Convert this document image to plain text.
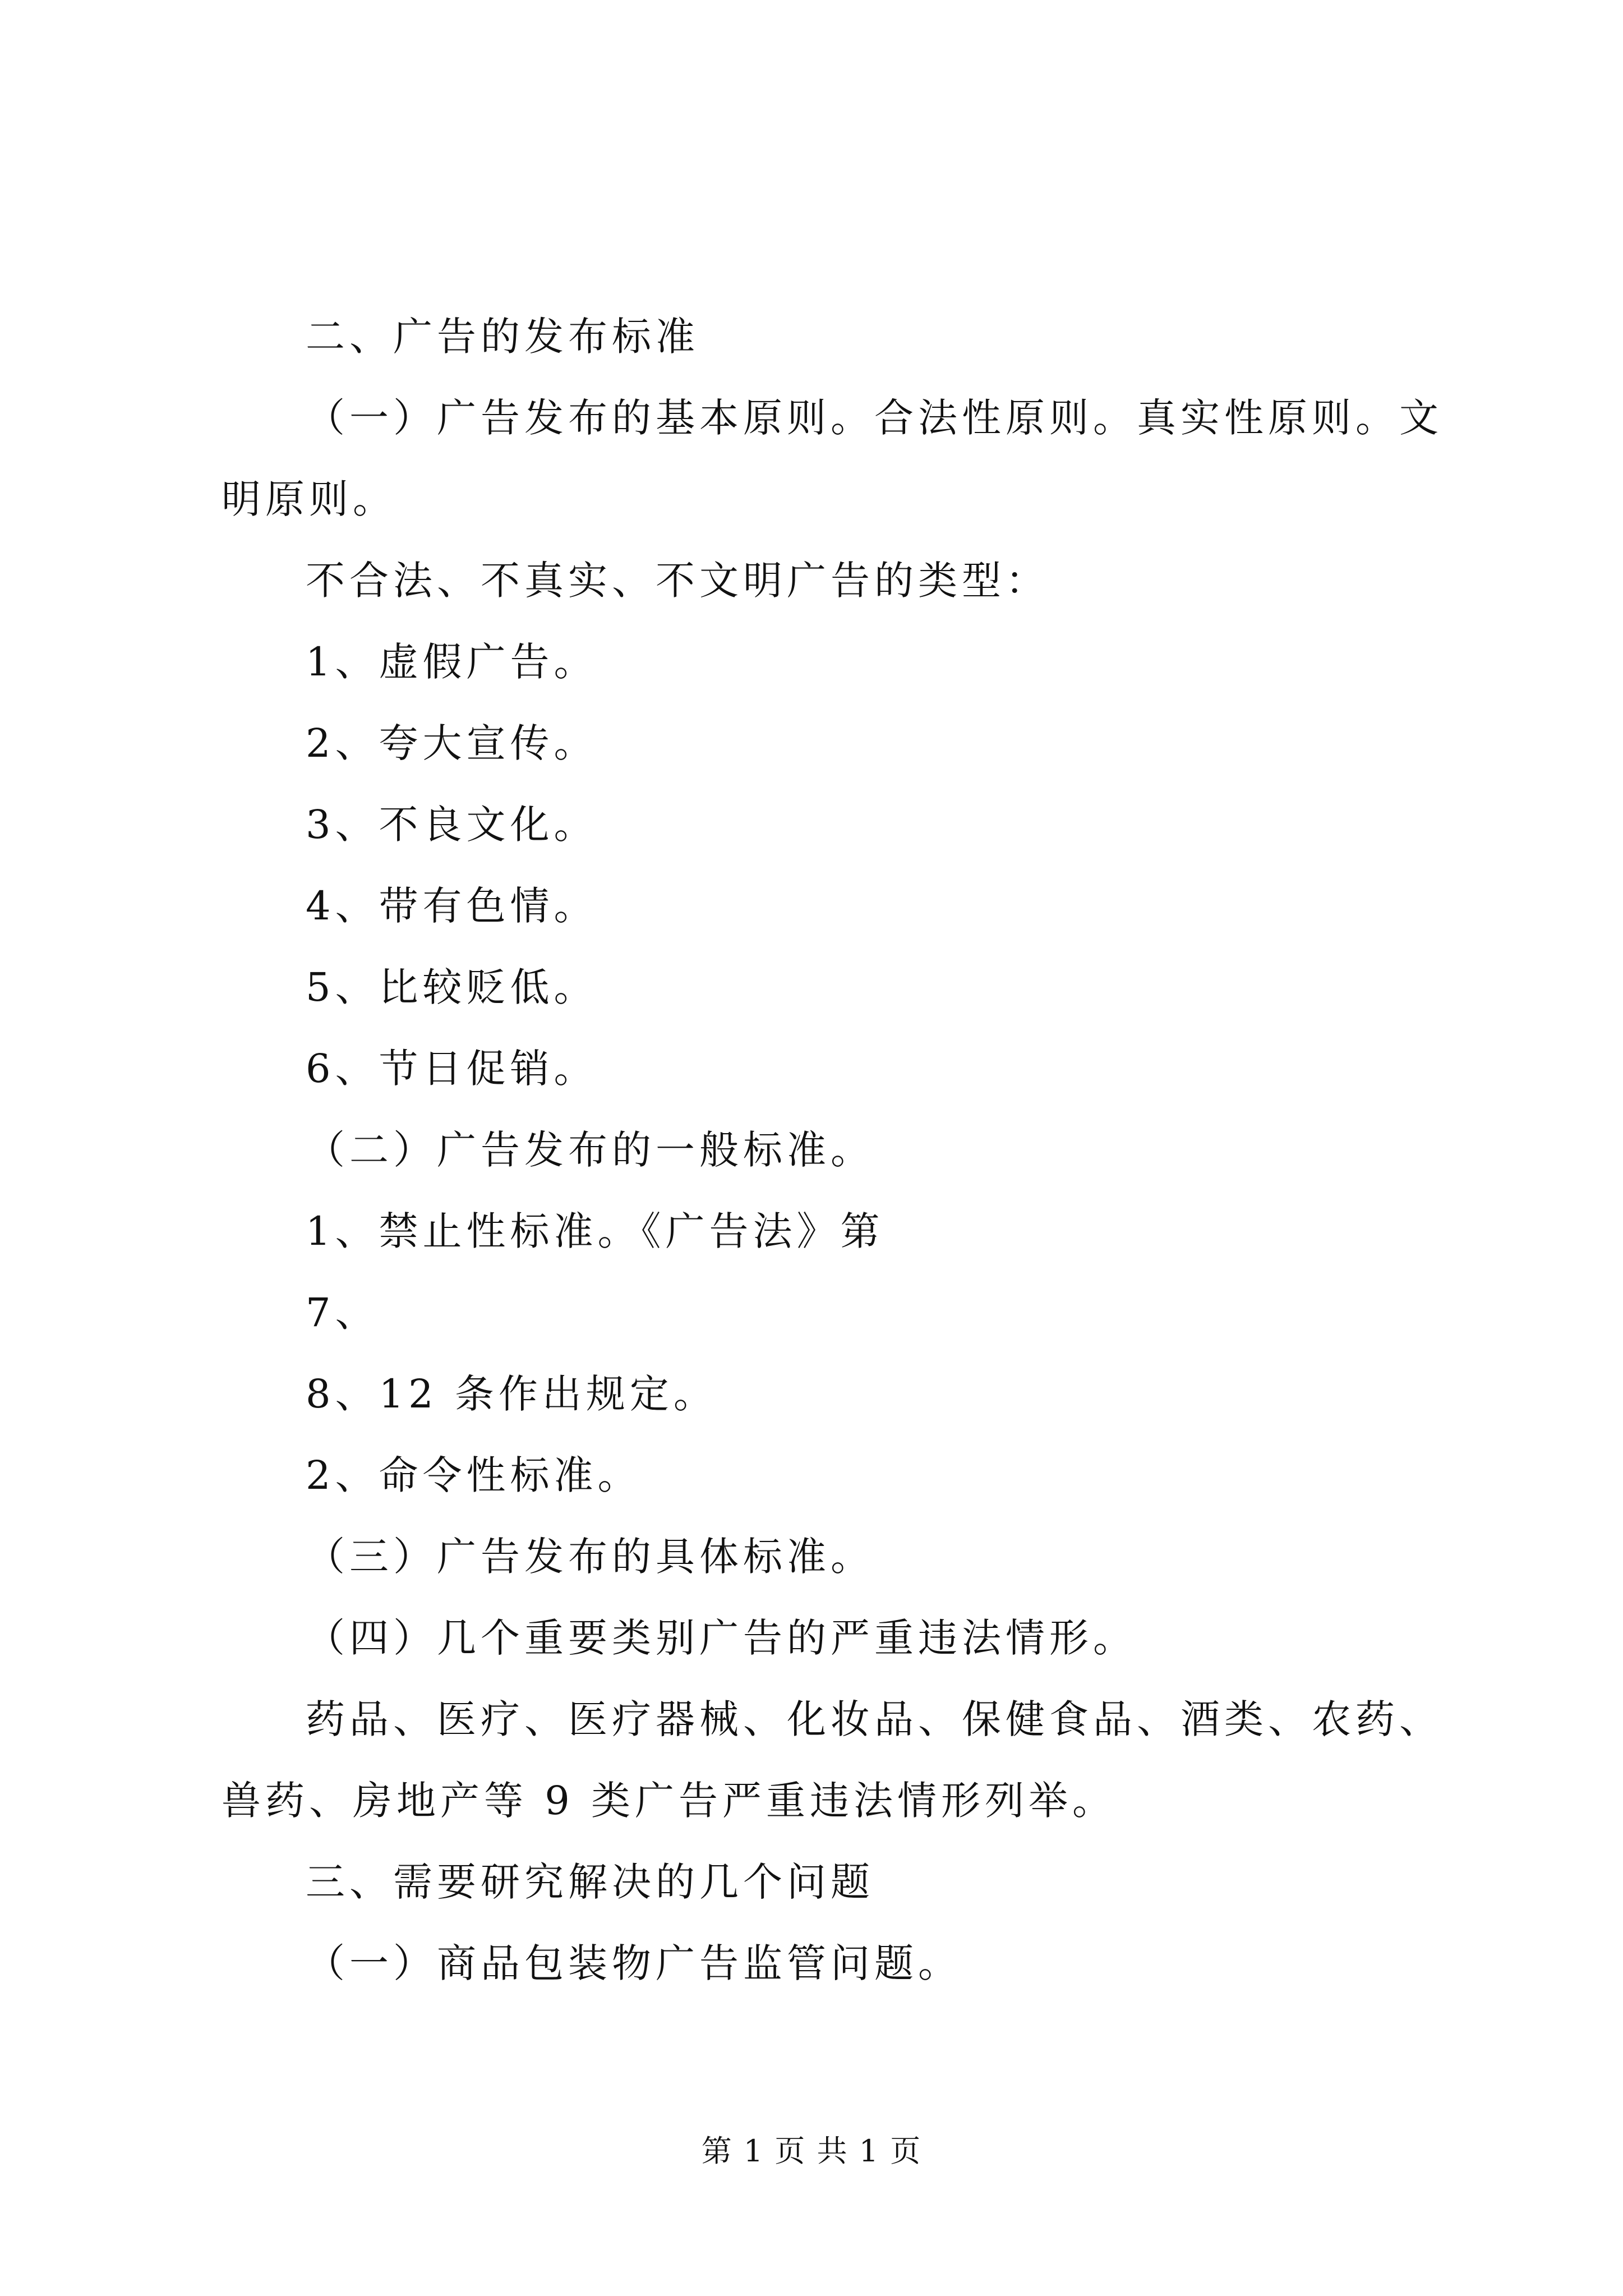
二、广告的发布标准
（一）广告发布的基本原则。合法性原则。真实性原则。文
明原则。
不合法、不真实、不文明广告的类型：
1、虚假广告。
2、夸大宣传。
3、不良文化。
4、带有色情。
5、比较贬低。
6、节日促销。
（二）广告发布的一般标准。
1、禁止性标准。《广告法》第
7、
8、12 条作出规定。
2、命令性标准。
（三）广告发布的具体标准。
（四）几个重要类别广告的严重违法情形。
药品、医疗、医疗器械、化妆品、保健食品、酒类、农药、
兽药、房地产等 9 类广告严重违法情形列举。
三、需要研究解决的几个问题
（一）商品包装物广告监管问题。
第 1 页 共 1 页
